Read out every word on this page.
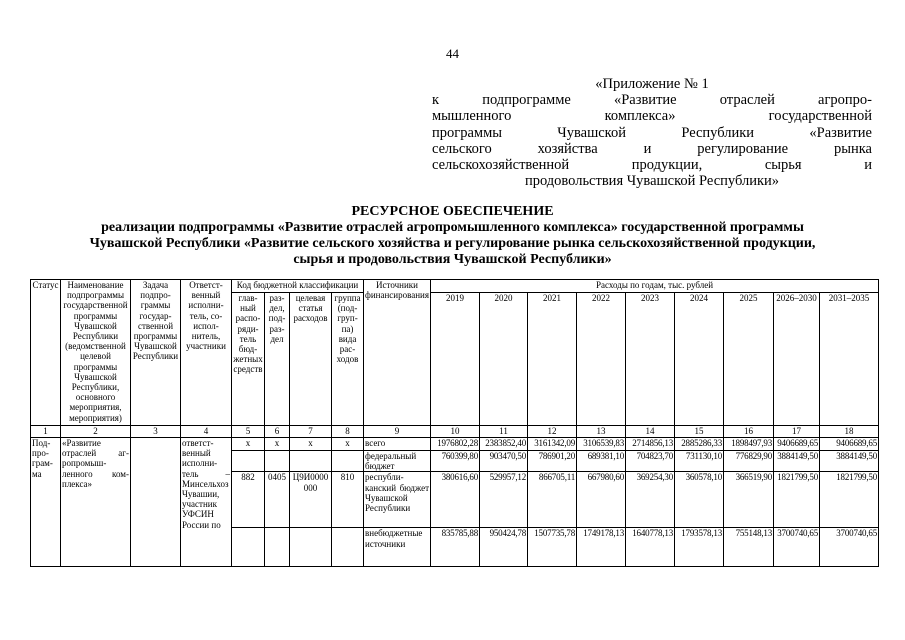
44
«Приложение № 1
к подпрограмме «Развитие отраслей агропро-
мышленного комплекса» государственной
программы Чувашской Республики «Развитие
сельского хозяйства и регулирование рынка
сельскохозяйственной продукции, сырья и
продовольствия Чувашской Республики»
РЕСУРСНОЕ ОБЕСПЕЧЕНИЕ
реализации подпрограммы «Развитие отраслей агропромышленного комплекса» государственной программы
Чувашской Республики «Развитие сельского хозяйства и регулирование рынка сельскохозяйственной продукции,
сырья и продовольствия Чувашской Республики»
Статус	Наименование подпрограммы государственной программы Чувашской Республики (ведомственной целевой программы Чувашской Республики, основного мероприятия, мероприятия)	Задача подпрограммы государственной программы Чувашской Республики	Ответственный исполнитель, соисполнитель, участники	Код бюджетной классификации				Источники финансирования	Расходы по годам, тыс. рублей								
				главный распорядитель бюджетных средств	раздел, подраздел	целевая статья расходов	группа (подгруппа) вида расходов		2019	2020	2021	2022	2023	2024	2025	2026–2030	2031–2035
1	2	3	4	5	6	7	8	9	10	11	12	13	14	15	16	17	18
Подпрограмма	«Развитие отраслей агропромышленного комплекса»		ответственный исполнитель – Минсельхоз Чувашии, участник УФСИН России по	х	х	х	х	всего	1976802,28	2383852,40	3161342,09	3106539,83	2714856,13	2885286,33	1898497,93	9406689,65	9406689,65
								федеральный бюджет	760399,80	903470,50	786901,20	689381,10	704823,70	731130,10	776829,90	3884149,50	3884149,50
				882	0405	Ц9И0000000	810	республиканский бюджет Чувашской Республики	380616,60	529957,12	866705,11	667980,60	369254,30	360578,10	366519,90	1821799,50	1821799,50
								внебюджетные источники	835785,88	950424,78	1507735,78	1749178,13	1640778,13	1793578,13	755148,13	3700740,65	3700740,65
